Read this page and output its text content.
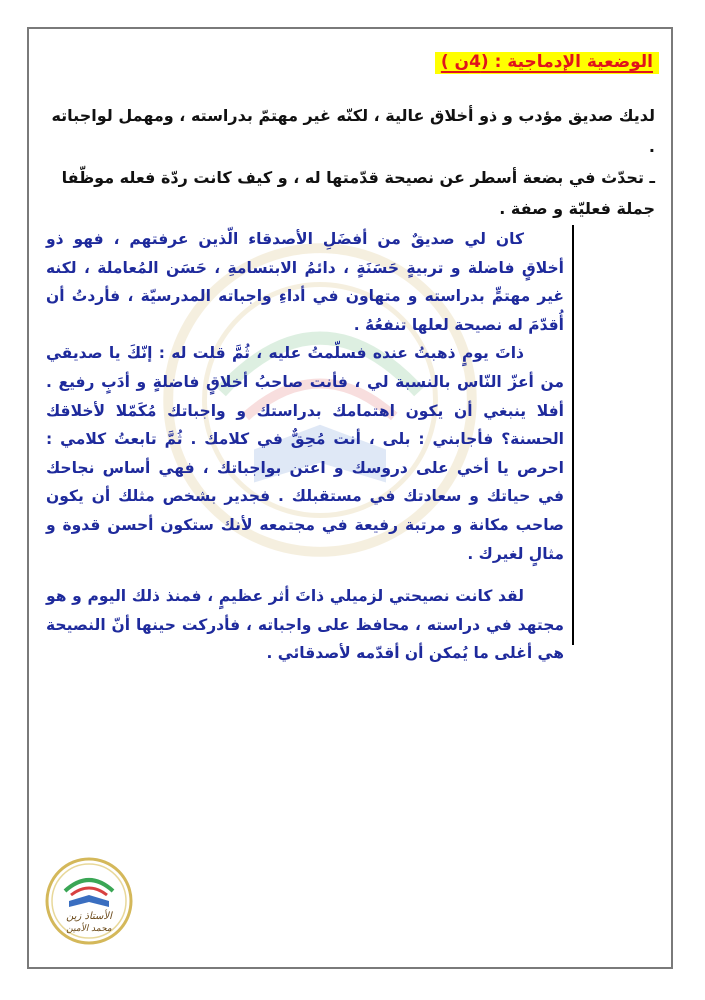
الوضعية الإدماجية : (4ن )

لديك صديق مؤدب و ذو أخلاق عالية ، لكنّه غير مهتمّ بدراسته ، ومهمل لواجباته .

ـ تحدّث في بضعة أسطر عن نصيحة قدّمتها له ، و كيف كانت ردّة فعله موظّفا جملة فعليّة و صفة .

كان لي صديقٌ من أفضَلِ الأصدقاء الّذين عرفتهم ، فهو ذو أخلاقٍ فاضلة و تربيةٍ حَسَنَةٍ ، دائمُ الابتسامةِ ، حَسَن المُعاملة ، لكنه غير مهتمٍّ بدراسته و متهاون في أداءِ واجباته المدرسيّة ، فأردتُ أن أُقدّمَ له نصيحة لعلها تنفعُهُ .

ذاتَ يومٍ ذهبتُ عنده فسلّمتُ عليه ، ثُمَّ قلت له : إنّكَ يا صديقي من أعزّ النّاس بالنسبة لي ، فأنت صاحبُ أخلاقٍ فاضلةٍ و أدَبٍ رفيع . أفلا ينبغي أن يكون اهتمامك بدراستك و واجباتك مُكَمّلا لأخلاقك الحسنة؟ فأجابني : بلى ، أنت مُحِقٌّ في كلامك . ثُمَّ تابعتُ كلامي : احرص يا أخي على دروسك و اعتن بواجباتك ، فهي أساس نجاحك في حياتك و سعادتك في مستقبلك . فجدير بشخص مثلك أن يكون صاحب مكانة و مرتبة رفيعة في مجتمعه لأنك ستكون أحسن قدوة و مثالٍ لغيرك .

لقد كانت نصيحتي لزميلي ذاتَ أثر عظيمٍ ، فمنذ ذلك اليوم و هو مجتهد في دراسته ، محافظ على واجباته ، فأدركت حينها أنّ النصيحة هي أغلى ما يُمكن أن أقدّمه لأصدقائي .

الأستاذ زين
محمد الأمين
